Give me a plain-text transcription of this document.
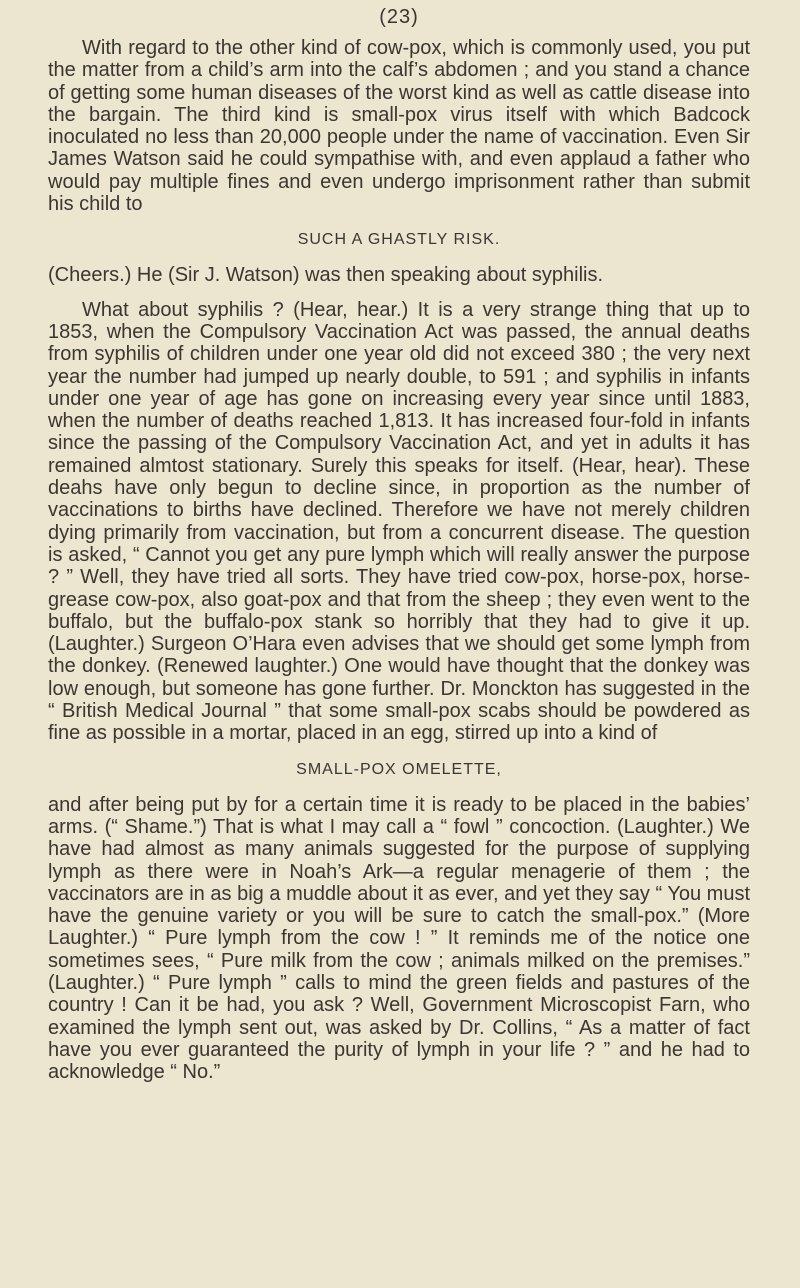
(23)

With regard to the other kind of cow-pox, which is commonly used, you put the matter from a child’s arm into the calf’s abdomen ; and you stand a chance of getting some human diseases of the worst kind as well as cattle disease into the bargain. The third kind is small-pox virus itself with which Badcock inoculated no less than 20,000 people under the name of vaccination. Even Sir James Watson said he could sympathise with, and even applaud a father who would pay multiple fines and even undergo imprisonment rather than submit his child to

SUCH A GHASTLY RISK.

(Cheers.) He (Sir J. Watson) was then speaking about syphilis.

What about syphilis ? (Hear, hear.) It is a very strange thing that up to 1853, when the Compulsory Vaccination Act was passed, the annual deaths from syphilis of children under one year old did not exceed 380 ; the very next year the number had jumped up nearly double, to 591 ; and syphilis in infants under one year of age has gone on increasing every year since until 1883, when the number of deaths reached 1,813. It has increased four-fold in infants since the passing of the Compulsory Vaccination Act, and yet in adults it has remained almtost stationary. Surely this speaks for itself. (Hear, hear). These deahs have only begun to decline since, in proportion as the number of vaccinations to births have declined. Therefore we have not merely children dying primarily from vaccination, but from a concurrent disease. The question is asked, “ Cannot you get any pure lymph which will really answer the purpose ? ” Well, they have tried all sorts. They have tried cow-pox, horse-pox, horse-grease cow-pox, also goat-pox and that from the sheep ; they even went to the buffalo, but the buffalo-pox stank so horribly that they had to give it up. (Laughter.) Surgeon O’Hara even advises that we should get some lymph from the donkey. (Renewed laughter.) One would have thought that the donkey was low enough, but someone has gone further. Dr. Monckton has suggested in the “ British Medical Journal ” that some small-pox scabs should be powdered as fine as possible in a mortar, placed in an egg, stirred up into a kind of

SMALL-POX OMELETTE,

and after being put by for a certain time it is ready to be placed in the babies’ arms. (“ Shame.”) That is what I may call a “ fowl ” concoction. (Laughter.) We have had almost as many animals suggested for the purpose of supplying lymph as there were in Noah’s Ark—a regular menagerie of them ; the vaccinators are in as big a muddle about it as ever, and yet they say “ You must have the genuine variety or you will be sure to catch the small-pox.” (More Laughter.) “ Pure lymph from the cow ! ” It reminds me of the notice one sometimes sees, “ Pure milk from the cow ; animals milked on the premises.” (Laughter.) “ Pure lymph ” calls to mind the green fields and pastures of the country ! Can it be had, you ask ? Well, Government Microscopist Farn, who examined the lymph sent out, was asked by Dr. Collins, “ As a matter of fact have you ever guaranteed the purity of lymph in your life ? ” and he had to acknowledge “ No.”
